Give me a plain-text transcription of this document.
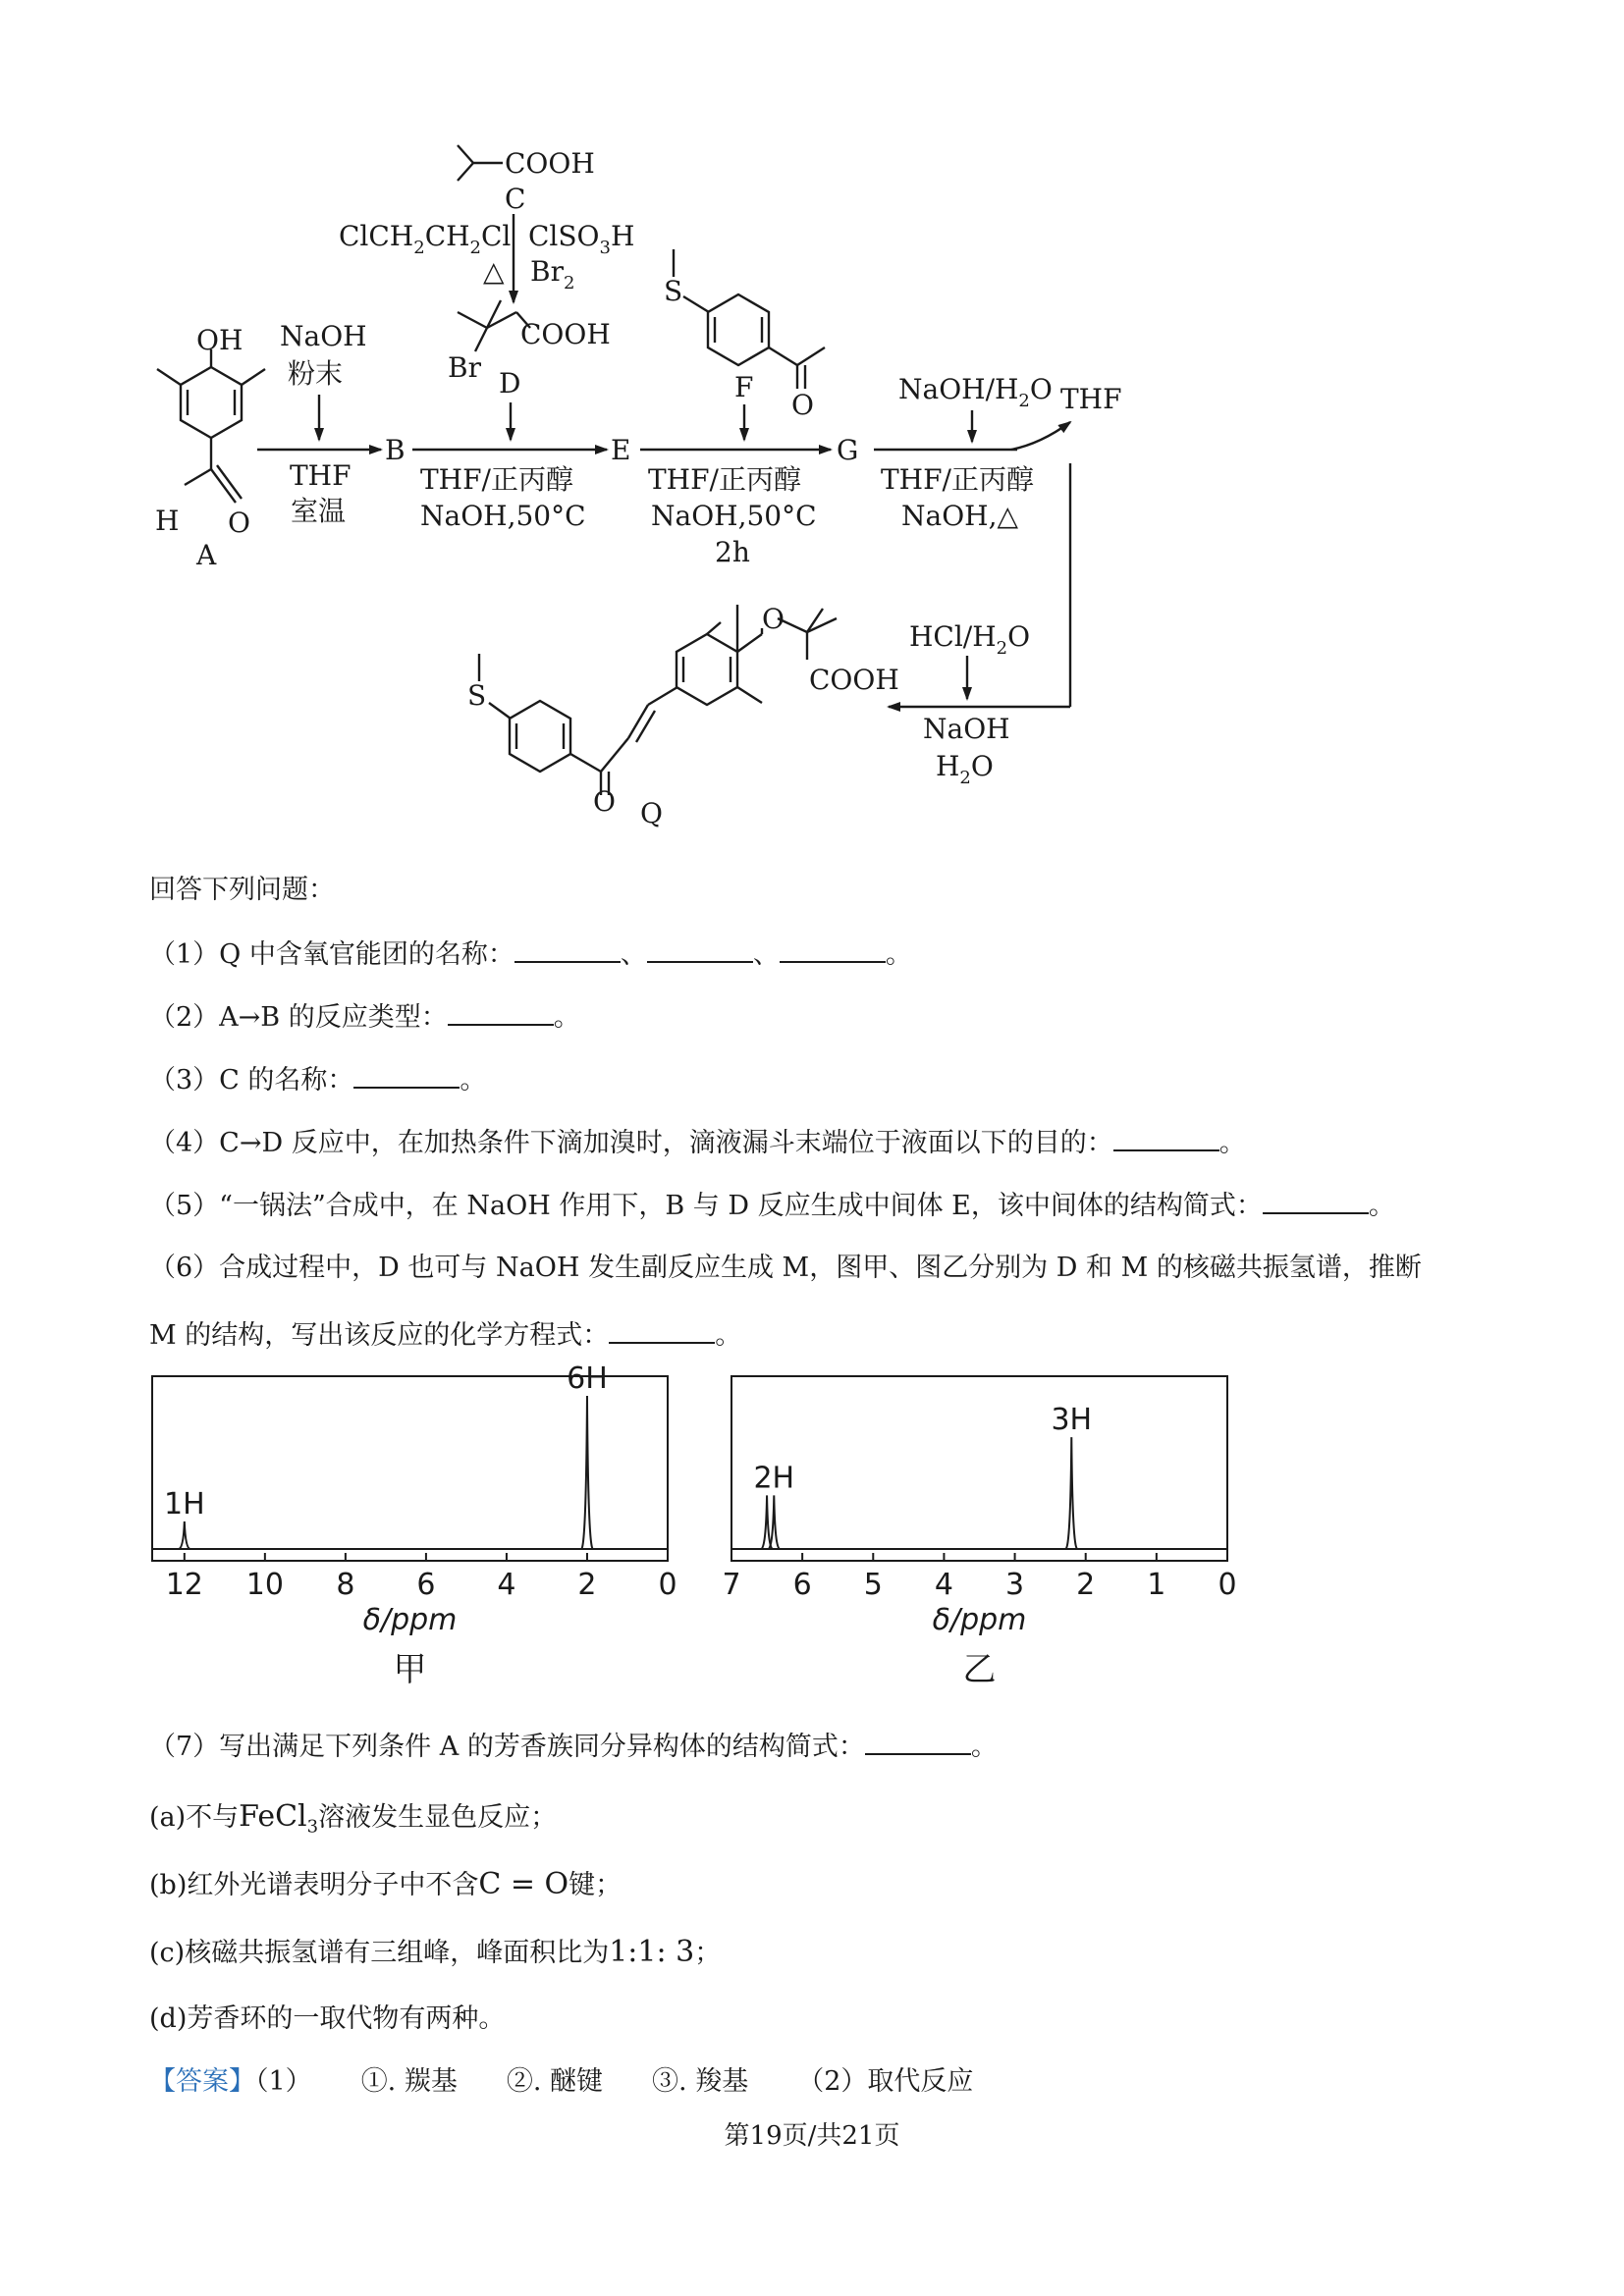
OH
H O
A
NaOH
粉末
THF
室温
B
COOH
C
$ClCH_2CH_2Cl$
△
ClSO$_3$H
$Br_2$
Br
COOH
D
THF/正丙醇
NaOH,50°C
E
S
O
F
THF/正丙醇
NaOH,50°C
2h
G
NaOH/$H_2O$ THF
THF/正丙醇
NaOH,△
HCl/$H_2O$
NaOH
$H_2O$
S
O
O
COOH
Q
回答下列问题：
（1）Q 中含氧官能团的名称：	、	、	。
（2）A→B 的反应类型：	。
（3）C 的名称：	。
（4）C→D 反应中，在加热条件下滴加溴时，滴液漏斗末端位于液面以下的目的：	。
（5）“一锅法”合成中，在 NaOH 作用下，B 与 D 反应生成中间体 E，该中间体的结构简式：	。
（6）合成过程中，D 也可与 NaOH 发生副反应生成 M，图甲、图乙分别为 D 和 M 的核磁共振氢谱，推断
M 的结构，写出该反应的化学方程式：	。
1H
6H
12 10 8 6 4 2 0
δ/ppm
甲
2H
3H
7 6 5 4 3 2 1 0
δ/ppm
乙
（7）写出满足下列条件 A 的芳香族同分异构体的结构简式：	。
(a)不与FeCl$_3$溶液发生显色反应；
(b)红外光谱表明分子中不含C = O键；
(c)核磁共振氢谱有三组峰，峰面积比为1:1: 3；
(d)芳香环的一取代物有两种。
【答案】（1） ①. 羰基 ②. 醚键 ③. 羧基 （2）取代反应
第19页/共21页
